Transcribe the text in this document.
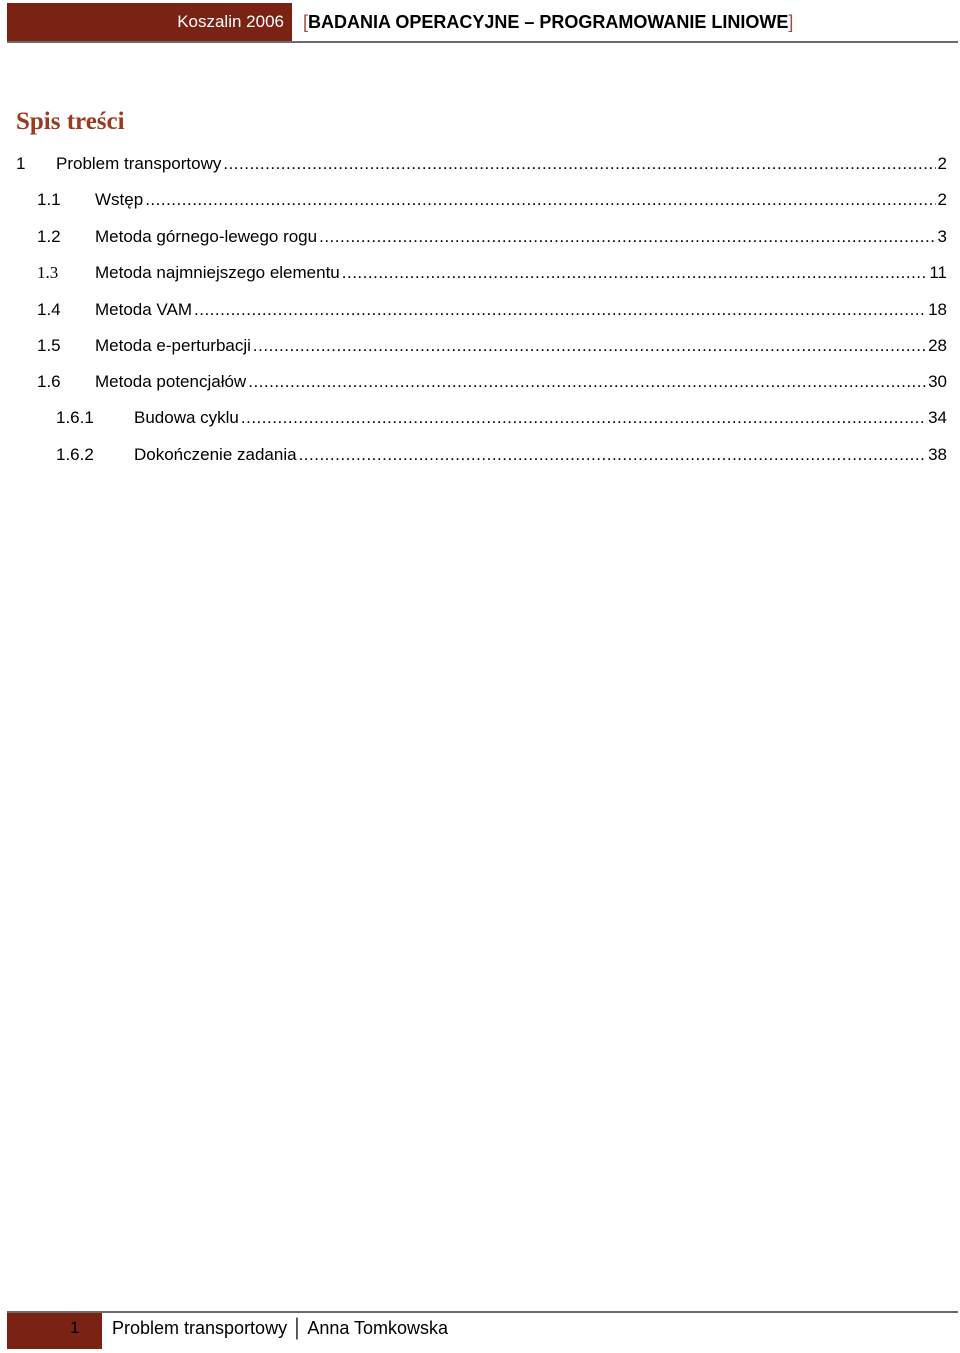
Koszalin 2006	[BADANIA OPERACYJNE – PROGRAMOWANIE LINIOWE]
Spis treści
1 Problem transportowy .....	2
1.1 Wstęp .....	2
1.2 Metoda górnego-lewego rogu .....	3
1.3 Metoda najmniejszego elementu .....	11
1.4 Metoda VAM .....	18
1.5 Metoda e-perturbacji .....	28
1.6 Metoda potencjałów .....	30
1.6.1 Budowa cyklu .....	34
1.6.2 Dokończenie zadania .....	38
1 Problem transportowy │ Anna Tomkowska
